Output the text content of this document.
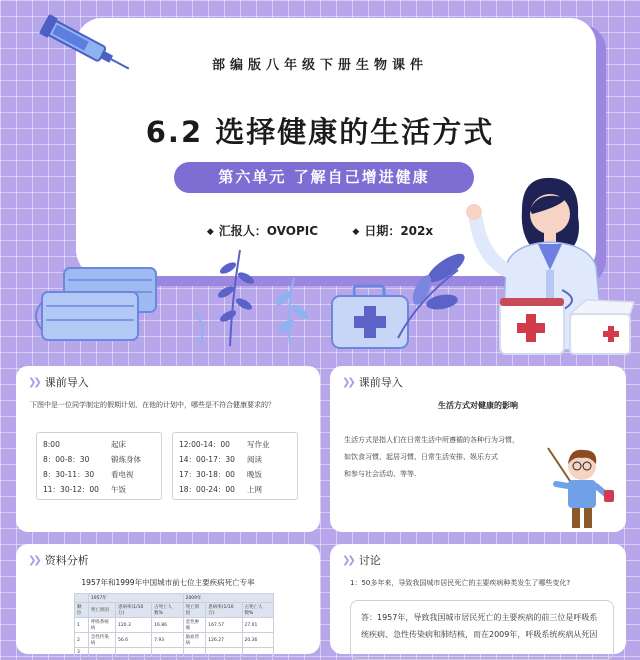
部编版八年级下册生物课件
6.2 选择健康的生活方式
第六单元 了解自己增进健康
◆ 汇报人：OVOPIC	◆ 日期：202x
❯❯ 课前导入
下图中是一位同学制定的假期计划，在他的计划中，哪些是不符合健康要求的？
8:00	起床
8：00-8：30	锻炼身体
8：30-11：30	看电视
11：30-12：00	午饭
12:00-14：00	写作业
14：00-17：30	阅读
17：30-18：00	晚饭
18：00-24：00	上网
❯❯ 课前导入
生活方式对健康的影响
生活方式是指人们在日常生活中所遵循的各种行为习惯，
如饮食习惯、起居习惯、日常生活安排、娱乐方式
和参与社会活动、等等.
❯❯ 资料分析
1957年和1999年中国城市前七位主要疾病死亡专率
	1957年			2009年		
顺位	死亡原因	患病率(1/10万)	占死亡人数%	死亡原因	患病率(1/10万)	占死亡人数%
1	呼吸系统病	120.3	16.86	恶性肿瘤	167.57	27.01
2	急性传染病	56.6	7.93	脑血管病	126.27	20.36
3						
❯❯ 讨论
1：50多年来，导致我国城市居民死亡的主要疾病种类发生了哪些变化?
答：1957年，导致我国城市居民死亡的主要疾病的前三位是呼吸系
统疾病、急性传染病和肺结核，而在2009年，呼吸系统疾病从死因
